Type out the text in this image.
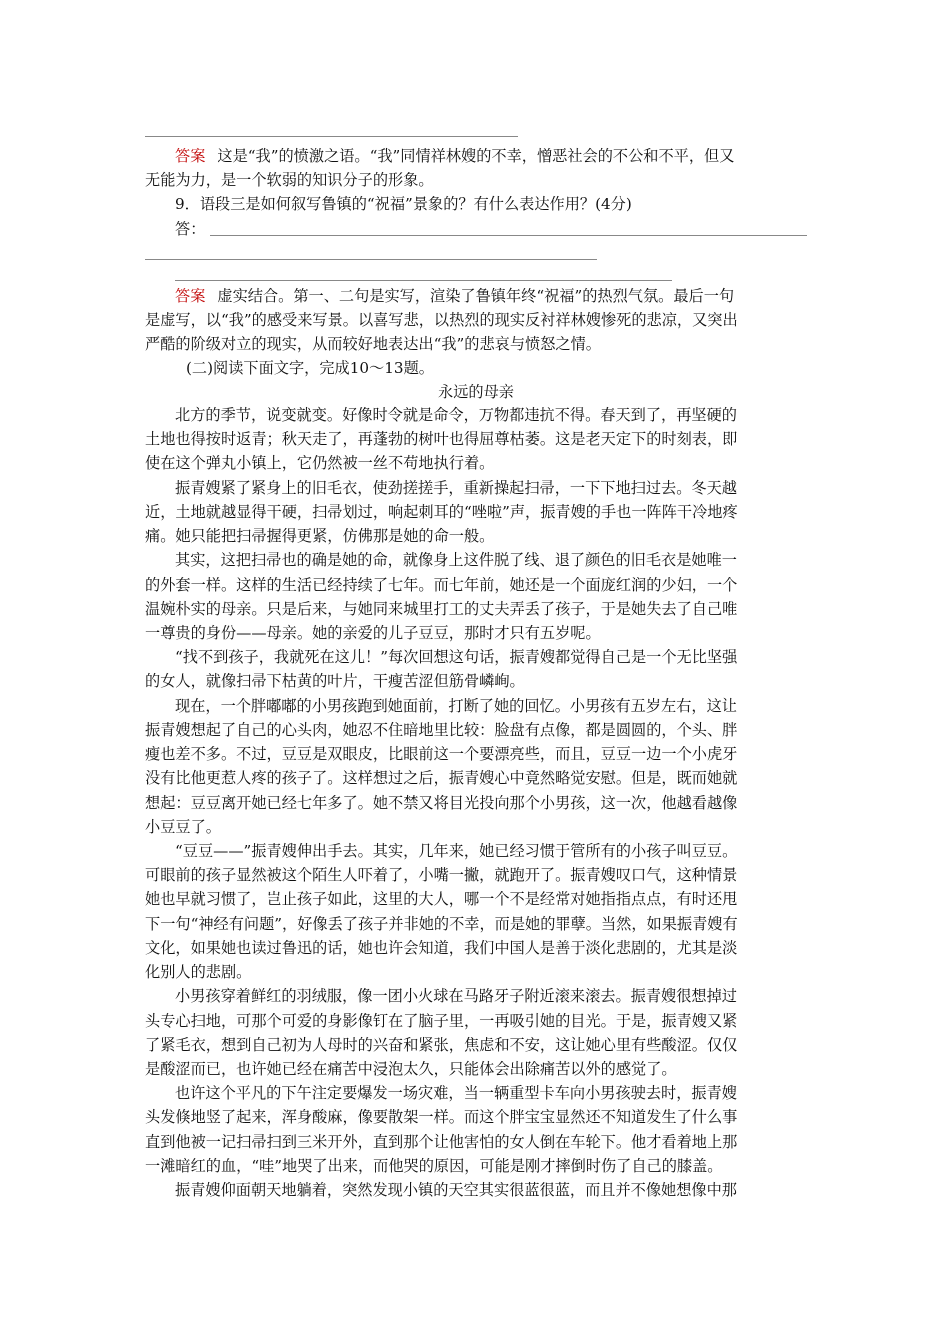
答案 这是“我”的愤激之语。“我”同情祥林嫂的不幸，憎恶社会的不公和不平，但又
无能为力，是一个软弱的知识分子的形象。
9．语段三是如何叙写鲁镇的“祝福”景象的？有什么表达作用？(4分)
答：
答案 虚实结合。第一、二句是实写，渲染了鲁镇年终“祝福”的热烈气氛。最后一句
是虚写，以“我”的感受来写景。以喜写悲，以热烈的现实反衬祥林嫂惨死的悲凉，又突出
严酷的阶级对立的现实，从而较好地表达出“我”的悲哀与愤怒之情。
(二)阅读下面文字，完成10～13题。
永远的母亲
北方的季节，说变就变。好像时令就是命令，万物都违抗不得。春天到了，再坚硬的
土地也得按时返青；秋天走了，再蓬勃的树叶也得屈尊枯萎。这是老天定下的时刻表，即
使在这个弹丸小镇上，它仍然被一丝不苟地执行着。
振青嫂紧了紧身上的旧毛衣，使劲搓搓手，重新操起扫帚，一下下地扫过去。冬天越
近，土地就越显得干硬，扫帚划过，响起刺耳的“唑啦”声，振青嫂的手也一阵阵干冷地疼
痛。她只能把扫帚握得更紧，仿佛那是她的命一般。
其实，这把扫帚也的确是她的命，就像身上这件脱了线、退了颜色的旧毛衣是她唯一
的外套一样。这样的生活已经持续了七年。而七年前，她还是一个面庞红润的少妇，一个
温婉朴实的母亲。只是后来，与她同来城里打工的丈夫弄丢了孩子，于是她失去了自己唯
一尊贵的身份——母亲。她的亲爱的儿子豆豆，那时才只有五岁呢。
“找不到孩子，我就死在这儿！”每次回想这句话，振青嫂都觉得自己是一个无比坚强
的女人，就像扫帚下枯黄的叶片，干瘦苦涩但筋骨嶙峋。
现在，一个胖嘟嘟的小男孩跑到她面前，打断了她的回忆。小男孩有五岁左右，这让
振青嫂想起了自己的心头肉，她忍不住暗地里比较：脸盘有点像，都是圆圆的，个头、胖
瘦也差不多。不过，豆豆是双眼皮，比眼前这一个要漂亮些，而且，豆豆一边一个小虎牙
没有比他更惹人疼的孩子了。这样想过之后，振青嫂心中竟然略觉安慰。但是，既而她就
想起：豆豆离开她已经七年多了。她不禁又将目光投向那个小男孩，这一次，他越看越像
小豆豆了。
“豆豆——”振青嫂伸出手去。其实，几年来，她已经习惯于管所有的小孩子叫豆豆。
可眼前的孩子显然被这个陌生人吓着了，小嘴一撇，就跑开了。振青嫂叹口气，这种情景
她也早就习惯了，岂止孩子如此，这里的大人，哪一个不是经常对她指指点点，有时还甩
下一句“神经有问题”，好像丢了孩子并非她的不幸，而是她的罪孽。当然，如果振青嫂有
文化，如果她也读过鲁迅的话，她也许会知道，我们中国人是善于淡化悲剧的，尤其是淡
化别人的悲剧。
小男孩穿着鲜红的羽绒服，像一团小火球在马路牙子附近滚来滚去。振青嫂很想掉过
头专心扫地，可那个可爱的身影像钉在了脑子里，一再吸引她的目光。于是，振青嫂又紧
了紧毛衣，想到自己初为人母时的兴奋和紧张，焦虑和不安，这让她心里有些酸涩。仅仅
是酸涩而已，也许她已经在痛苦中浸泡太久，只能体会出除痛苦以外的感觉了。
也许这个平凡的下午注定要爆发一场灾难，当一辆重型卡车向小男孩驶去时，振青嫂
头发倏地竖了起来，浑身酸麻，像要散架一样。而这个胖宝宝显然还不知道发生了什么事
直到他被一记扫帚扫到三米开外，直到那个让他害怕的女人倒在车轮下。他才看着地上那
一滩暗红的血，“哇”地哭了出来，而他哭的原因，可能是刚才摔倒时伤了自己的膝盖。
振青嫂仰面朝天地躺着，突然发现小镇的天空其实很蓝很蓝，而且并不像她想像中那
